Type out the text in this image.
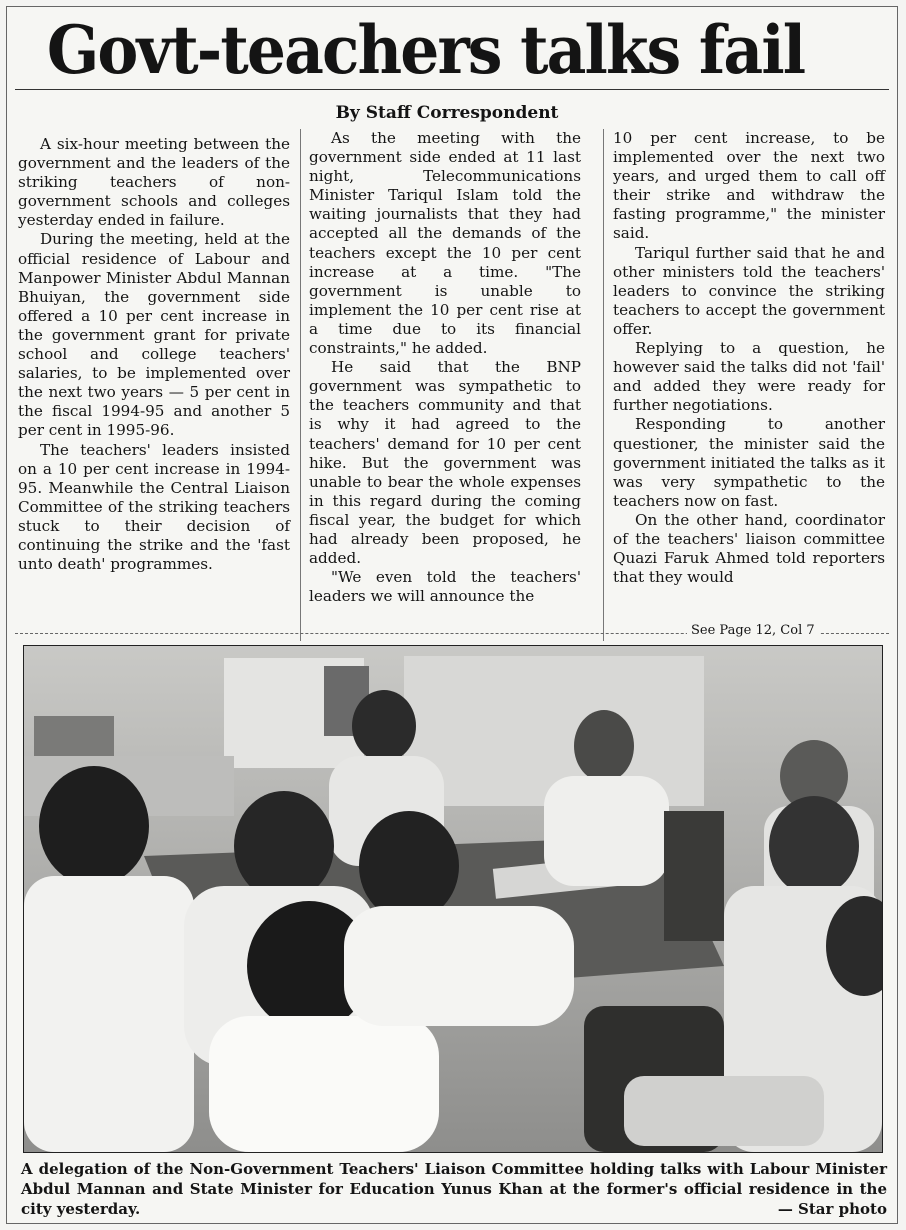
Govt-teachers talks fail
By Staff Correspondent

A six-hour meeting between the government and the leaders of the striking teachers of non-government schools and colleges yesterday ended in failure.

During the meeting, held at the official residence of Labour and Manpower Minister Abdul Mannan Bhuiyan, the government side offered a 10 per cent increase in the government grant for private school and college teachers' salaries, to be implemented over the next two years — 5 per cent in the fiscal 1994-95 and another 5 per cent in 1995-96.

The teachers' leaders insisted on a 10 per cent increase in 1994-95. Meanwhile the Central Liaison Committee of the striking teachers stuck to their decision of continuing the strike and the 'fast unto death' programmes.

As the meeting with the government side ended at 11 last night, Telecommunications Minister Tariqul Islam told the waiting journalists that they had accepted all the demands of the teachers except the 10 per cent increase at a time. "The government is unable to implement the 10 per cent rise at a time due to its financial constraints," he added.

He said that the BNP government was sympathetic to the teachers community and that is why it had agreed to the teachers' demand for 10 per cent hike. But the government was unable to bear the whole expenses in this regard during the coming fiscal year, the budget for which had already been proposed, he added.

"We even told the teachers' leaders we will announce the

10 per cent increase, to be implemented over the next two years, and urged them to call off their strike and withdraw the fasting programme," the minister said.

Tariqul further said that he and other ministers told the teachers' leaders to convince the striking teachers to accept the government offer.

Replying to a question, he however said the talks did not 'fail' and added they were ready for further negotiations.

Responding to another questioner, the minister said the government initiated the talks as it was very sympathetic to the teachers now on fast.

On the other hand, coordinator of the teachers' liaison committee Quazi Faruk Ahmed told reporters that they would

See Page 12, Col 7
A delegation of the Non-Government Teachers' Liaison Committee holding talks with Labour Minister Abdul Mannan and State Minister for Education Yunus Khan at the former's official residence in the city yesterday.	— Star photo
